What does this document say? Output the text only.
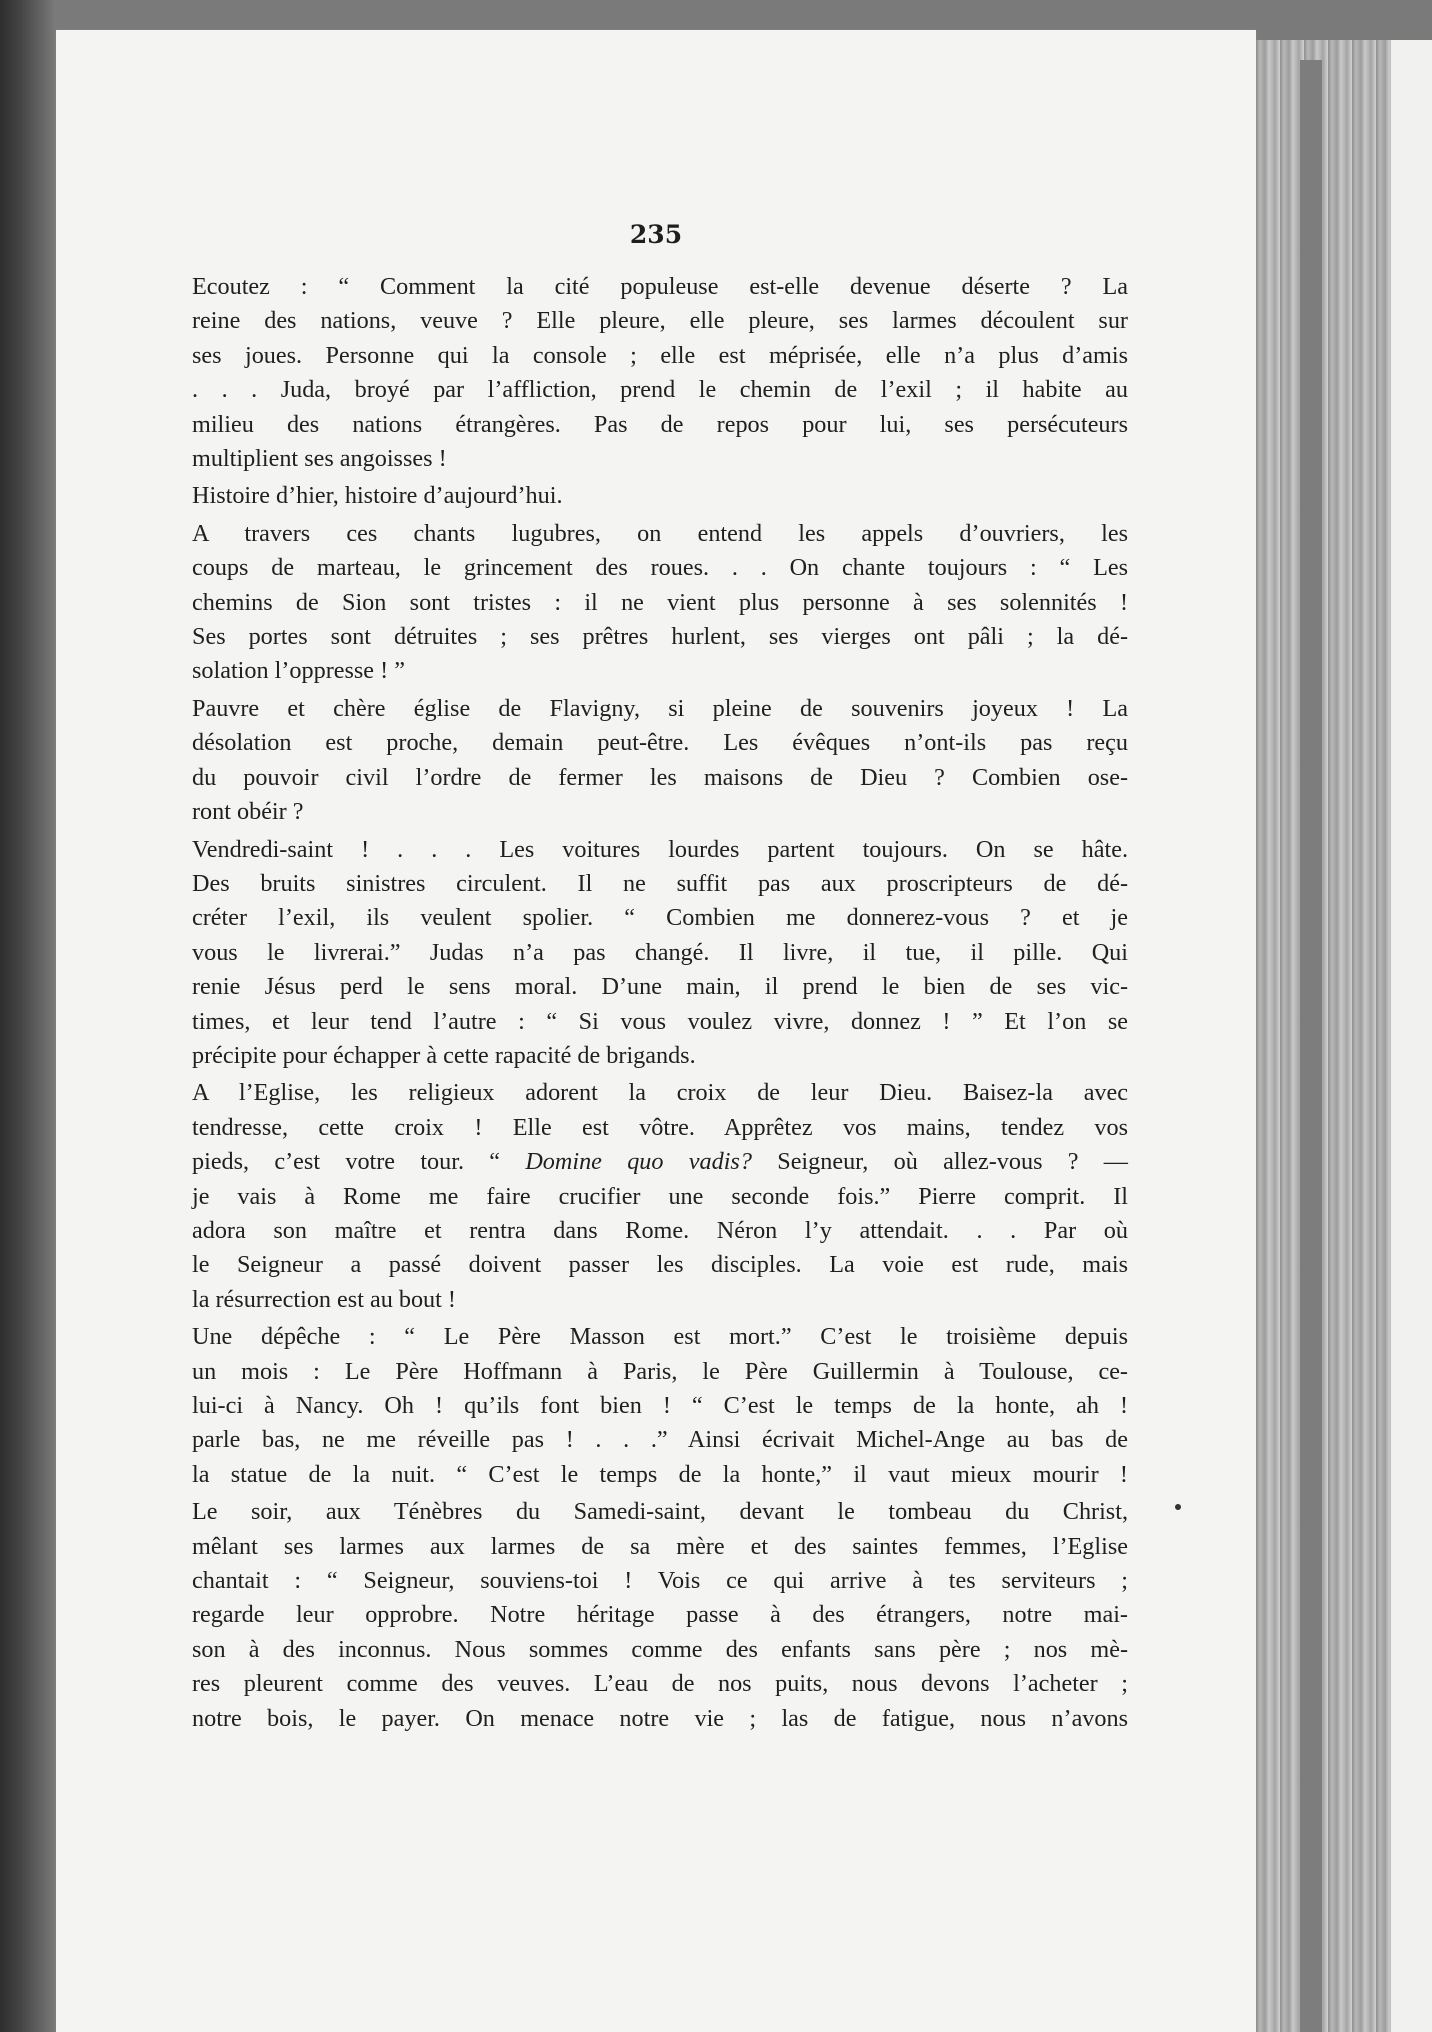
235
Ecoutez : “ Comment la cité populeuse est-elle devenue déserte ? La
reine des nations, veuve ? Elle pleure, elle pleure, ses larmes découlent sur
ses joues. Personne qui la console ; elle est méprisée, elle n’a plus d’amis
. . . Juda, broyé par l’affliction, prend le chemin de l’exil ; il habite au
milieu des nations étrangères. Pas de repos pour lui, ses persécuteurs
multiplient ses angoisses !
Histoire d’hier, histoire d’aujourd’hui.
A travers ces chants lugubres, on entend les appels d’ouvriers, les
coups de marteau, le grincement des roues. . . On chante toujours : “ Les
chemins de Sion sont tristes : il ne vient plus personne à ses solennités !
Ses portes sont détruites ; ses prêtres hurlent, ses vierges ont pâli ; la dé-
solation l’oppresse ! ”
Pauvre et chère église de Flavigny, si pleine de souvenirs joyeux ! La
désolation est proche, demain peut-être. Les évêques n’ont-ils pas reçu
du pouvoir civil l’ordre de fermer les maisons de Dieu ? Combien ose-
ront obéir ?
Vendredi-saint ! . . . Les voitures lourdes partent toujours. On se hâte.
Des bruits sinistres circulent. Il ne suffit pas aux proscripteurs de dé-
créter l’exil, ils veulent spolier. “ Combien me donnerez-vous ? et je
vous le livrerai.” Judas n’a pas changé. Il livre, il tue, il pille. Qui
renie Jésus perd le sens moral. D’une main, il prend le bien de ses vic-
times, et leur tend l’autre : “ Si vous voulez vivre, donnez ! ” Et l’on se
précipite pour échapper à cette rapacité de brigands.
A l’Eglise, les religieux adorent la croix de leur Dieu. Baisez-la avec
tendresse, cette croix ! Elle est vôtre. Apprêtez vos mains, tendez vos
pieds, c’est votre tour. “ Domine quo vadis? Seigneur, où allez-vous ? —
je vais à Rome me faire crucifier une seconde fois.” Pierre comprit. Il
adora son maître et rentra dans Rome. Néron l’y attendait. . . Par où
le Seigneur a passé doivent passer les disciples. La voie est rude, mais
la résurrection est au bout !
Une dépêche : “ Le Père Masson est mort.” C’est le troisième depuis
un mois : Le Père Hoffmann à Paris, le Père Guillermin à Toulouse, ce-
lui-ci à Nancy. Oh ! qu’ils font bien ! “ C’est le temps de la honte, ah !
parle bas, ne me réveille pas ! . . .” Ainsi écrivait Michel-Ange au bas de
la statue de la nuit. “ C’est le temps de la honte,” il vaut mieux mourir !
Le soir, aux Ténèbres du Samedi-saint, devant le tombeau du Christ,
mêlant ses larmes aux larmes de sa mère et des saintes femmes, l’Eglise
chantait : “ Seigneur, souviens-toi ! Vois ce qui arrive à tes serviteurs ;
regarde leur opprobre. Notre héritage passe à des étrangers, notre mai-
son à des inconnus. Nous sommes comme des enfants sans père ; nos mè-
res pleurent comme des veuves. L’eau de nos puits, nous devons l’acheter ;
notre bois, le payer. On menace notre vie ; las de fatigue, nous n’avons
